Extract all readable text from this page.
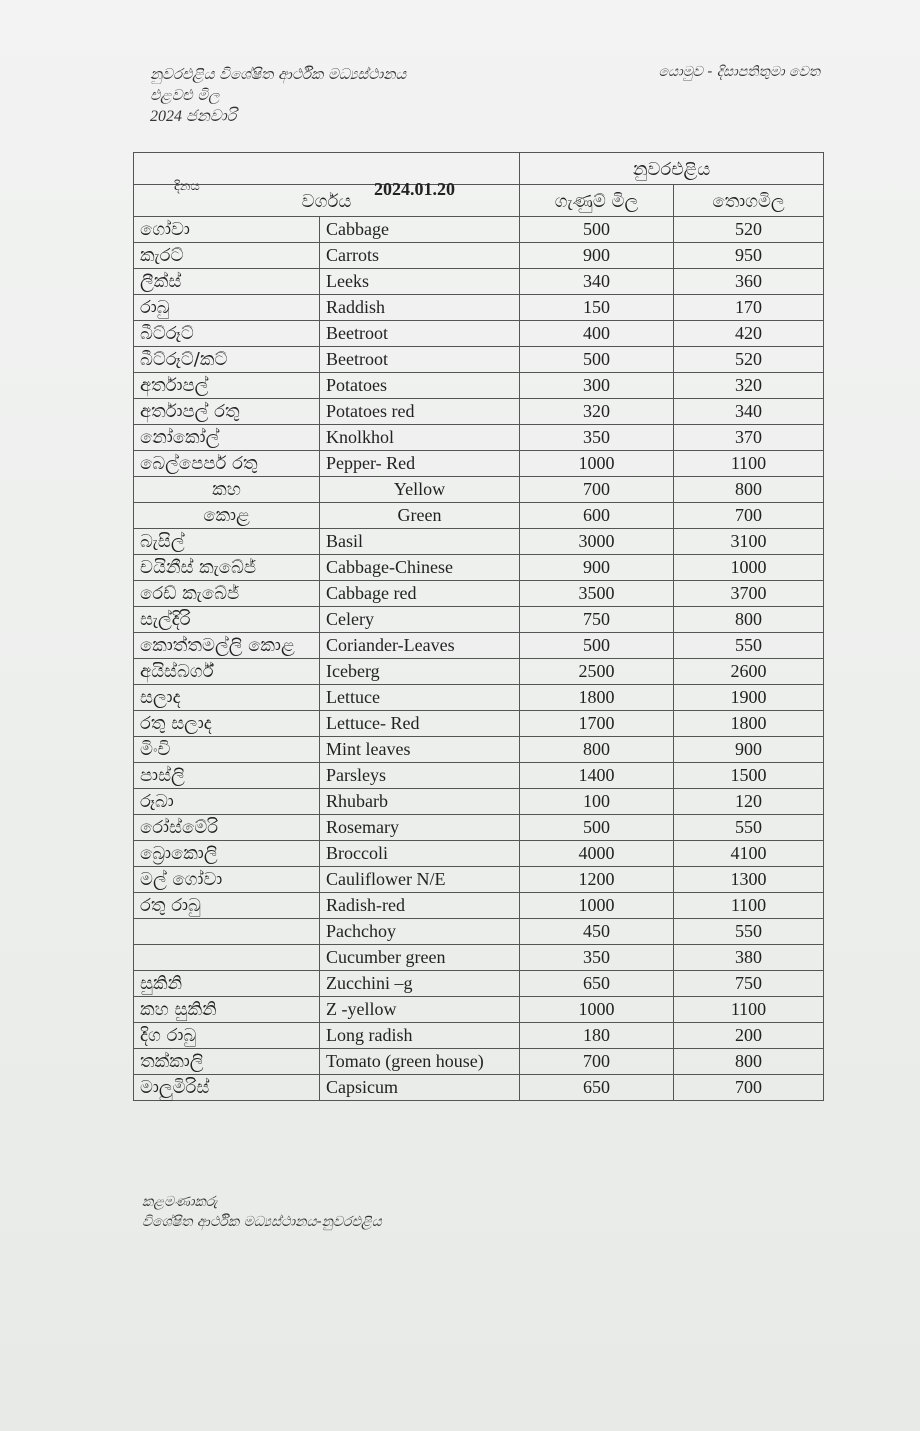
නුවරඑළිය විශේෂිත ආර්ථික මධ්‍යස්ථානය
එළවළු මිල
2024 ජනවාරි
යොමුව - දිසාපතිතුමා වෙත
දිනය 2024.01.20		නුවරඑළිය	
වර්ගය		ගැණුම් මිල	තොගමිල
ගෝවා	Cabbage	500	520
කැරට්	Carrots	900	950
ලීක්ස්	Leeks	340	360
රාබු	Raddish	150	170
බීට්රූට්	Beetroot	400	420
බීට්රූට්/කට්	Beetroot	500	520
අර්තාපල්	Potatoes	300	320
අර්තාපල් රතු	Potatoes red	320	340
නෝකෝල්	Knolkhol	350	370
බෙල්පෙපර් රතු	Pepper- Red	1000	1100
කහ	Yellow	700	800
කොළ	Green	600	700
බැසිල්	Basil	3000	3100
චයිනීස් කැබේජ්	Cabbage-Chinese	900	1000
රෙඩ් කැබේජ්	Cabbage red	3500	3700
සැල්දිරි	Celery	750	800
කොත්තමල්ලි කොළ	Coriander-Leaves	500	550
අයිස්බර්ග්	Iceberg	2500	2600
සලාද	Lettuce	1800	1900
රතු සලාද	Lettuce- Red	1700	1800
මිංචි	Mint leaves	800	900
පාස්ලි	Parsleys	1400	1500
රූබා	Rhubarb	100	120
රෝස්මේරි	Rosemary	500	550
බ්‍රොකොලි	Broccoli	4000	4100
මල් ගෝවා	Cauliflower N/E	1200	1300
රතු රාබු	Radish-red	1000	1100
	Pachchoy	450	550
	Cucumber green	350	380
සුකිනි	Zucchini –g	650	750
කහ සුකිනි	Z -yellow	1000	1100
දිග රාබු	Long radish	180	200
තක්කාලි	Tomato (green house)	700	800
මාලුමිරිස්	Capsicum	650	700
කළමණාකරු
විශේෂිත ආර්ථික මධ්‍යස්ථානය-නුවරඑළිය
